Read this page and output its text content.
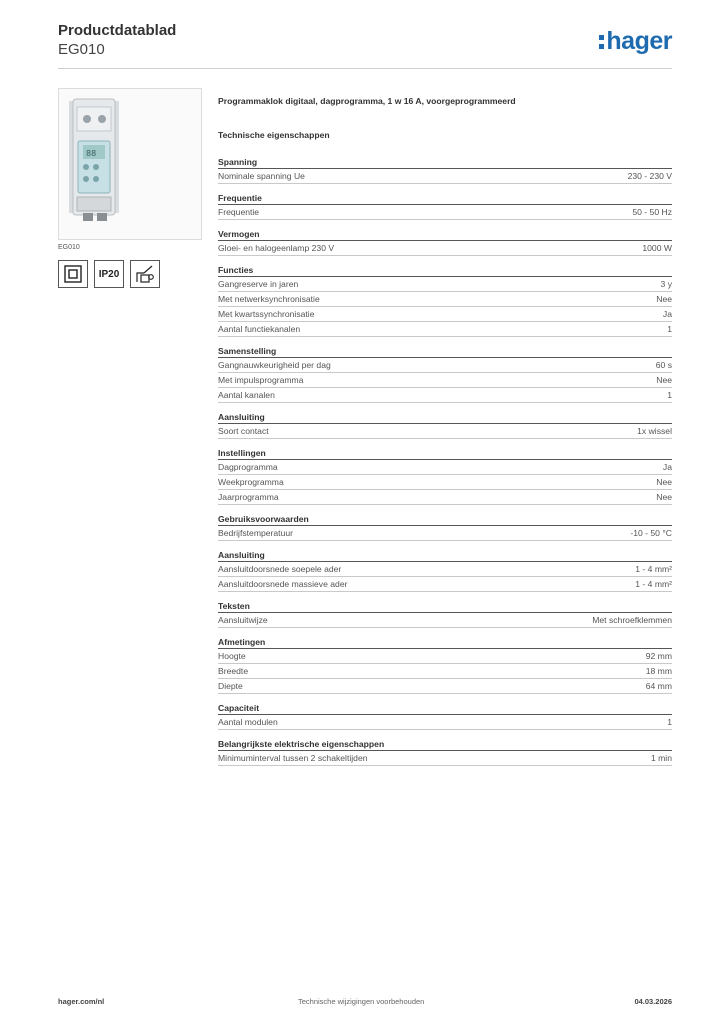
Productdatablad
EG010	hager
88
EG010
IP20
Programmaklok digitaal, dagprogramma, 1 w 16 A, voorgeprogrammeerd
Technische eigenschappen
Spanning
Nominale spanning Ue	230 - 230 V
Frequentie
Frequentie	50 - 50 Hz
Vermogen
Gloei- en halogeenlamp 230 V	1000 W
Functies
Gangreserve in jaren	3 y
Met netwerksynchronisatie	Nee
Met kwartssynchronisatie	Ja
Aantal functiekanalen	1
Samenstelling
Gangnauwkeurigheid per dag	60 s
Met impulsprogramma	Nee
Aantal kanalen	1
Aansluiting
Soort contact	1x wissel
Instellingen
Dagprogramma	Ja
Weekprogramma	Nee
Jaarprogramma	Nee
Gebruiksvoorwaarden
Bedrijfstemperatuur	-10 - 50 °C
Aansluiting
Aansluitdoorsnede soepele ader	1 - 4 mm²
Aansluitdoorsnede massieve ader	1 - 4 mm²
Teksten
Aansluitwijze	Met schroefklemmen
Afmetingen
Hoogte	92 mm
Breedte	18 mm
Diepte	64 mm
Capaciteit
Aantal modulen	1
Belangrijkste elektrische eigenschappen
Minimuminterval tussen 2 schakeltijden	1 min
hager.com/nl	Technische wijzigingen voorbehouden	04.03.2026
